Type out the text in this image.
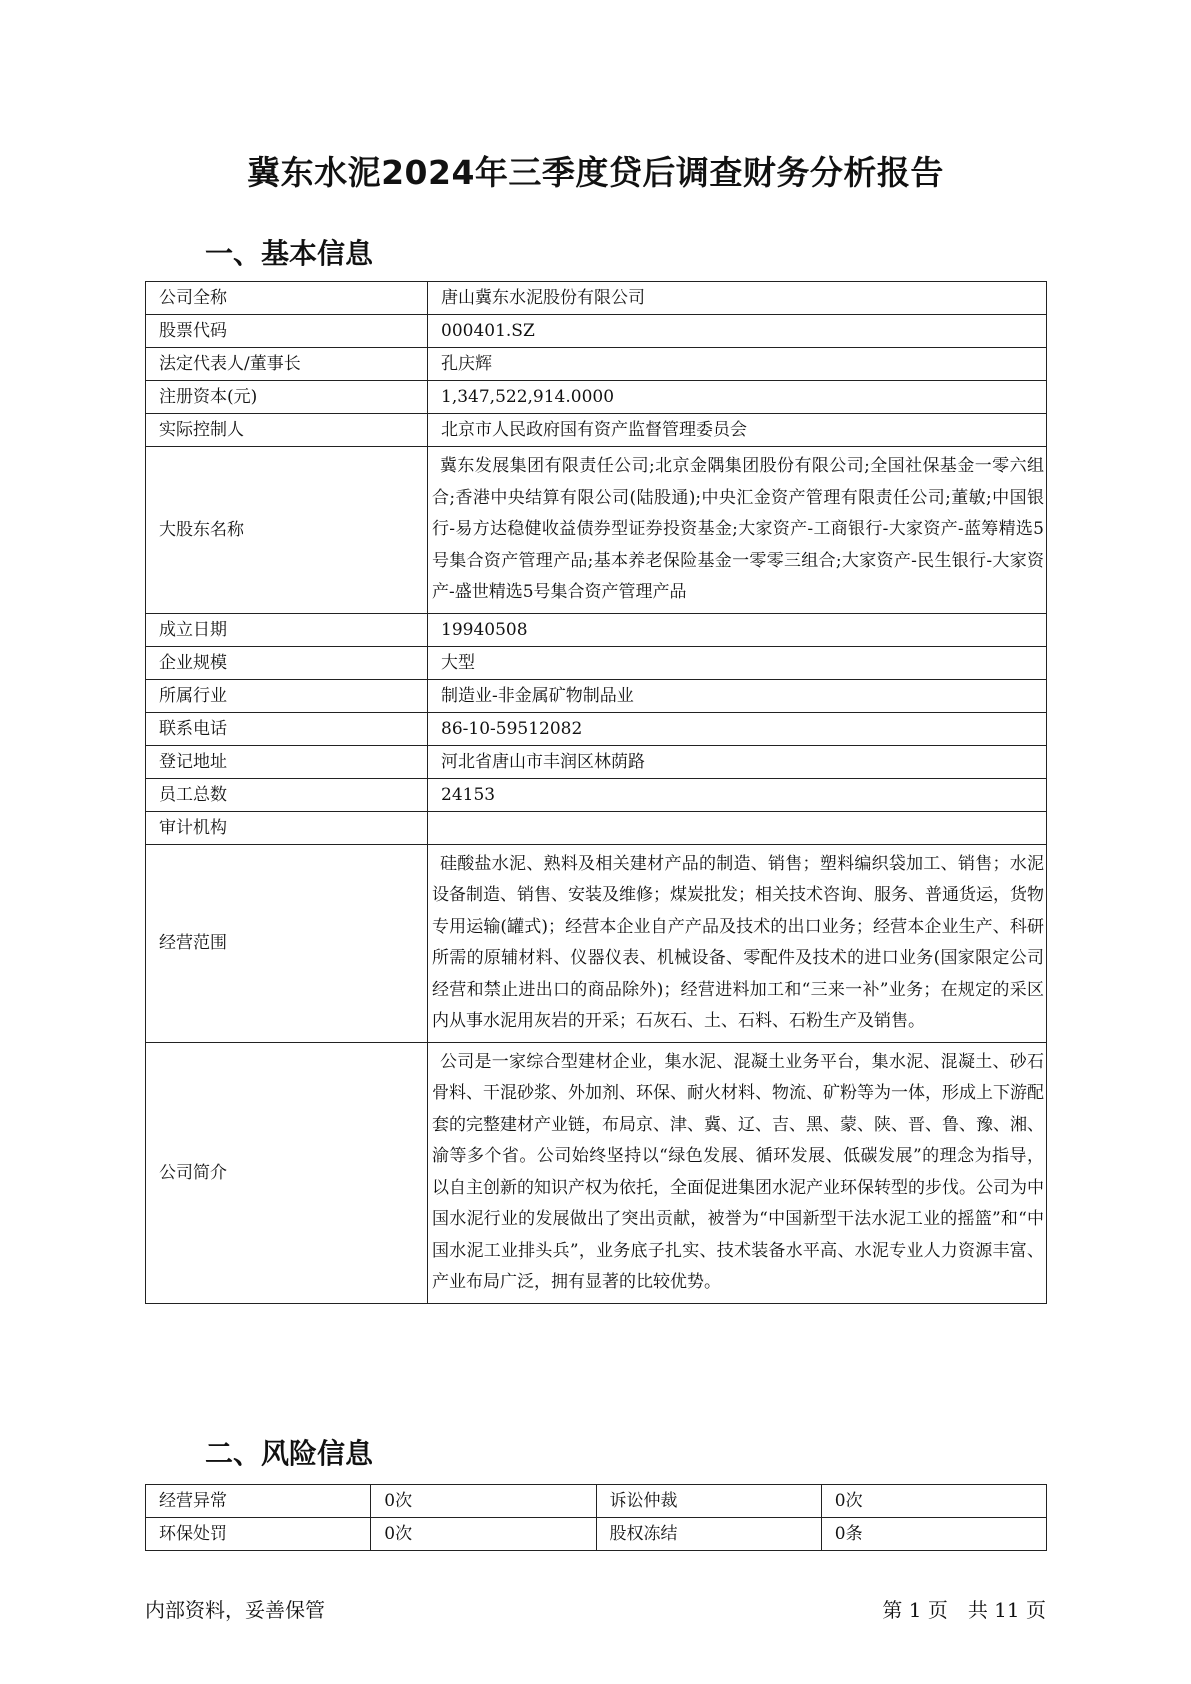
冀东水泥2024年三季度贷后调查财务分析报告
一、基本信息
公司全称	唐山冀东水泥股份有限公司
股票代码	000401.SZ
法定代表人/董事长	孔庆辉
注册资本(元)	1,347,522,914.0000
实际控制人	北京市人民政府国有资产监督管理委员会
大股东名称	冀东发展集团有限责任公司;北京金隅集团股份有限公司;全国社保基金一零六组合;香港中央结算有限公司(陆股通);中央汇金资产管理有限责任公司;董敏;中国银行-易方达稳健收益债券型证券投资基金;大家资产-工商银行-大家资产-蓝筹精选5号集合资产管理产品;基本养老保险基金一零零三组合;大家资产-民生银行-大家资产-盛世精选5号集合资产管理产品
成立日期	19940508
企业规模	大型
所属行业	制造业-非金属矿物制品业
联系电话	86-10-59512082
登记地址	河北省唐山市丰润区林荫路
员工总数	24153
审计机构	
经营范围	硅酸盐水泥、熟料及相关建材产品的制造、销售；塑料编织袋加工、销售；水泥设备制造、销售、安装及维修；煤炭批发；相关技术咨询、服务、普通货运，货物专用运输(罐式)；经营本企业自产产品及技术的出口业务；经营本企业生产、科研所需的原辅材料、仪器仪表、机械设备、零配件及技术的进口业务(国家限定公司经营和禁止进出口的商品除外)；经营进料加工和“三来一补”业务；在规定的采区内从事水泥用灰岩的开采；石灰石、土、石料、石粉生产及销售。
公司简介	公司是一家综合型建材企业，集水泥、混凝土业务平台，集水泥、混凝土、砂石骨料、干混砂浆、外加剂、环保、耐火材料、物流、矿粉等为一体，形成上下游配套的完整建材产业链，布局京、津、冀、辽、吉、黑、蒙、陕、晋、鲁、豫、湘、渝等多个省。公司始终坚持以“绿色发展、循环发展、低碳发展”的理念为指导，以自主创新的知识产权为依托，全面促进集团水泥产业环保转型的步伐。公司为中国水泥行业的发展做出了突出贡献，被誉为“中国新型干法水泥工业的摇篮”和“中国水泥工业排头兵”，业务底子扎实、技术装备水平高、水泥专业人力资源丰富、产业布局广泛，拥有显著的比较优势。
二、风险信息
经营异常	0次	诉讼仲裁	0次
环保处罚	0次	股权冻结	0条

内部资料，妥善保管	第 1 页　共 11 页
